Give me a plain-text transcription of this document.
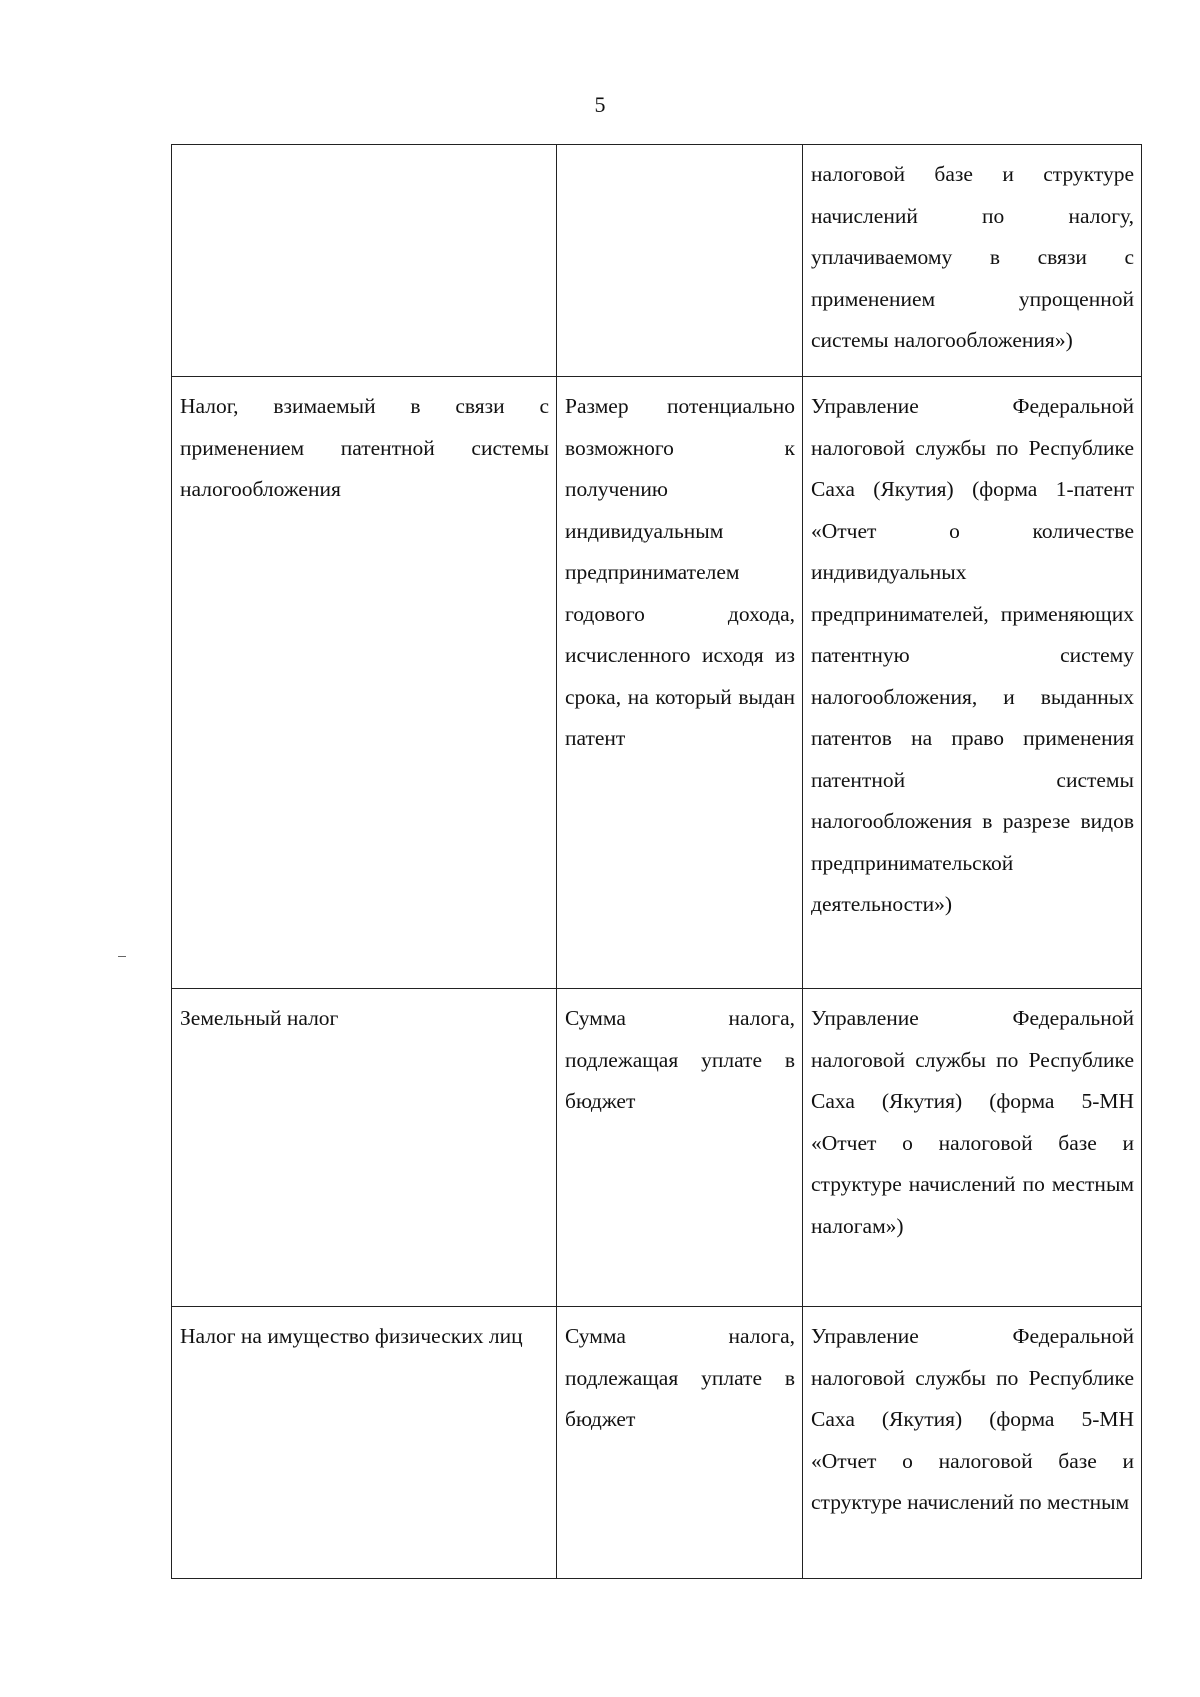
5

		налоговой базе и структуре начислений по налогу, уплачиваемому в связи с применением упрощенной системы налогообложения»)

Налог, взимаемый в связи с применением патентной системы налогообложения	Размер потенциально возможного к получению индивидуальным предпринимателем годового дохода, исчисленного исходя из срока, на который выдан патент	Управление Федеральной налоговой службы по Республике Саха (Якутия) (форма 1-патент «Отчет о количестве индивидуальных предпринимателей, применяющих патентную систему налогообложения, и выданных патентов на право применения патентной системы налогообложения в разрезе видов предпринимательской деятельности»)

Земельный налог	Сумма налога, подлежащая уплате в бюджет	Управление Федеральной налоговой службы по Республике Саха (Якутия) (форма 5-МН «Отчет о налоговой базе и структуре начислений по местным налогам»)

Налог на имущество физических лиц	Сумма налога, подлежащая уплате в бюджет	Управление Федеральной налоговой службы по Республике Саха (Якутия) (форма 5-МН «Отчет о налоговой базе и структуре начислений по местным
